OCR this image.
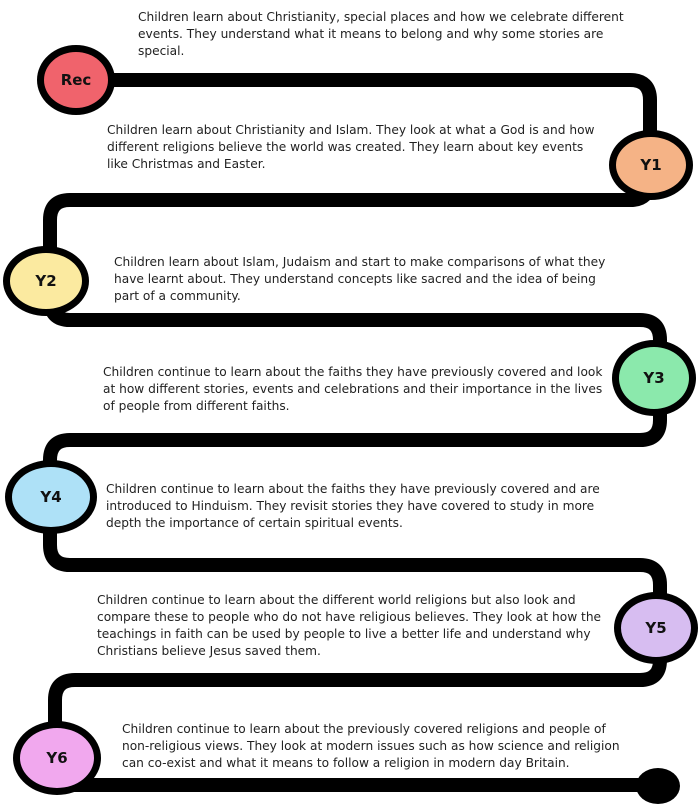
Children learn about Christianity, special places and how we celebrate different events. They understand what it means to belong and why some stories are special.

Rec

Children learn about Christianity and Islam. They look at what a God is and how different religions believe the world was created. They learn about key events like Christmas and Easter.	Y1

Children learn about Islam, Judaism and start to make comparisons of what they have learnt about. They understand concepts like sacred and the idea of being part of a community.

Y2

Children continue to learn about the faiths they have previously covered and look at how different stories, events and celebrations and their importance in the lives of people from different faiths.

Y3

Children continue to learn about the faiths they have previously covered and are introduced to Hinduism. They revisit stories they have covered to study in more depth the importance of certain spiritual events.

Y4

Children continue to learn about the different world religions but also look and compare these to people who do not have religious believes. They look at how the teachings in faith can be used by people to live a better life and understand why Christians believe Jesus saved them.

Y5

Children continue to learn about the previously covered religions and people of non-religious views. They look at modern issues such as how science and religion can co-exist and what it means to follow a religion in modern day Britain.

Y6
